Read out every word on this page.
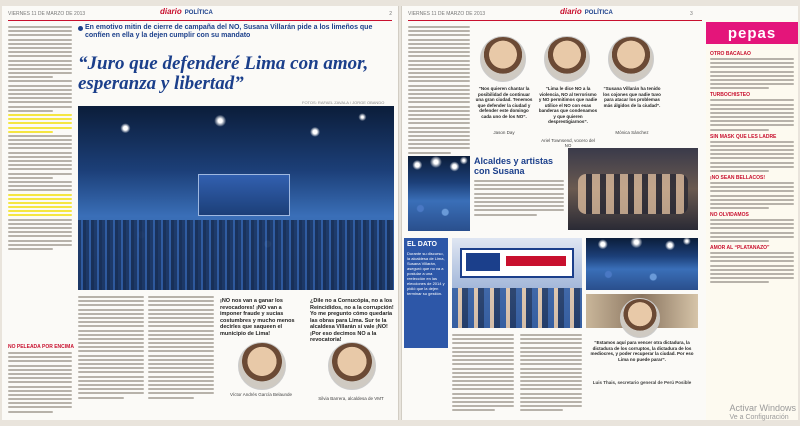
VIERNES 11 DE MARZO DE 2013	diario POLÍTICA	2
NO PELEADA POR ENCIMA
En emotivo mitin de cierre de campaña del NO, Susana Villarán pide a los limeños que confíen en ella y la dejen cumplir con su mandato
“Juro que defenderé Lima con amor, esperanza y libertad”
FOTOS: RAFAEL ZAVALA / JORGE OBANDO
¡NO nos van a ganar los revocadores! ¡NO van a imponer fraude y sucias costumbres y mucho menos decirles que saqueen el municipio de Lima!
Víctor Andrés García Belaunde
¿Dile no a Cornucópia, no a los Reincididos, no a la corrupción! Yo me pregunto cómo quedaría las obras para Lima. Sur te la alcaldesa Villarán sí vale ¡NO! ¡Por eso decimos NO a la revocatoria!
Silvia Barrera, alcaldesa de VMT
VIERNES 11 DE MARZO DE 2013	diario POLÍTICA	3
“Nos quieren chantar la posibilidad de continuar una gran ciudad. Tenemos que defender la ciudad y defender este domingo cada uno de los NO”.
Jason Day
“Lima le dice NO a la violencia, NO al terrorismo y NO permitimos que nadie utilice el NO con esas banderas que condenamos y que quieren desprestigiarnos”.
Ariel Townsend, vocero del NO
“Susana Villarán ha tenido los cojones que nadie tuvo para atacar los problemas más álgidos de la ciudad”.
Mónica Sánchez
Alcaldes y artistas con Susana
EL DATO
Durante su discurso, la alcaldesa de Lima, Susana Villarán, aseguró que no va a postular a una reelección en las elecciones de 2014 y pidió que la dejen terminar su gestión.
“Estamos aquí para vencer otra dictadura, la dictadura de los corruptos, la dictadura de los mediocres, y poder recuperar la ciudad. Por eso Lima no puede parar”.
Luis Thais, secretario general de Perú Posible
pepas
OTRO BACALAO
TURBOCHISTEO
SIN MASK QUE LES LADRE
¡NO SEAN BELLACOS!
NO OLVIDAMOS
AMOR AL “PLATANAZO”
Activar Windows
Ve a Configuración
